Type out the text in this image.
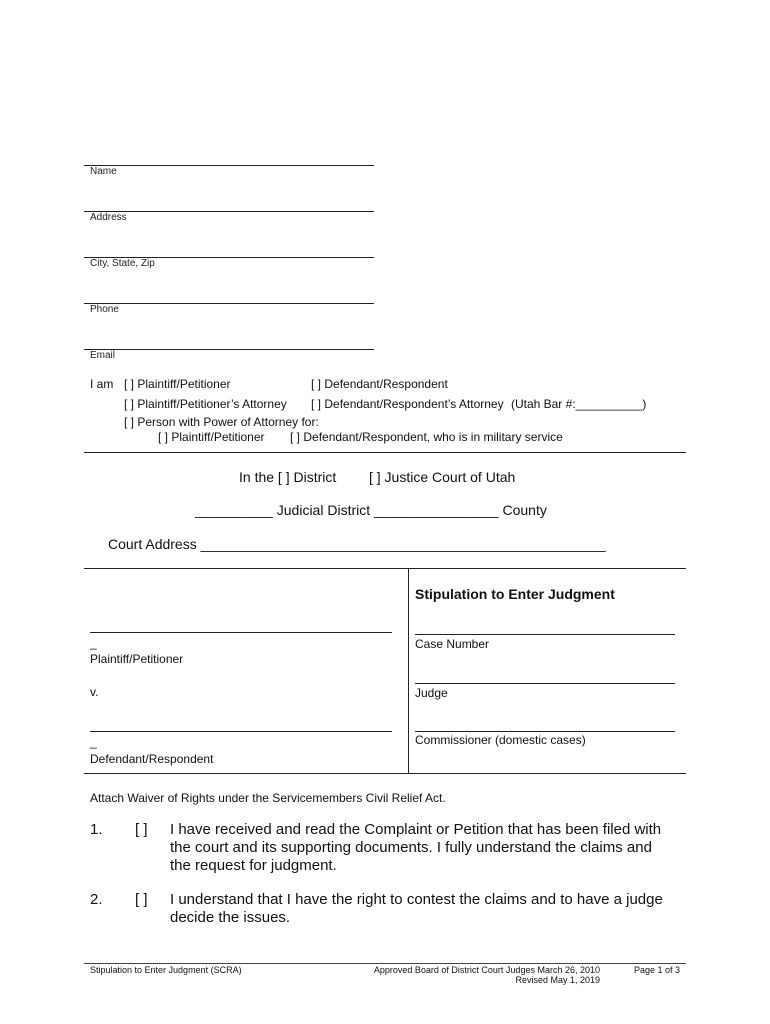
Name
Address
City, State, Zip
Phone
Email
I am [ ] Plaintiff/Petitioner	[ ] Defendant/Respondent
[ ] Plaintiff/Petitioner’s Attorney [ ] Defendant/Respondent’s Attorney (Utah Bar #:__________)
[ ] Person with Power of Attorney for:
[ ] Plaintiff/Petitioner [ ] Defendant/Respondent, who is in military service
In the [ ] District [ ] Justice Court of Utah
__________ Judicial District ________________ County
Court Address ____________________________________________________
_
Plaintiff/Petitioner
v.
_
Defendant/Respondent
Stipulation to Enter Judgment
Case Number
Judge
Commissioner (domestic cases)
Attach Waiver of Rights under the Servicemembers Civil Relief Act.
1. [ ] I have received and read the Complaint or Petition that has been filed with
the court and its supporting documents. I fully understand the claims and
the request for judgment.
2. [ ] I understand that I have the right to contest the claims and to have a judge
decide the issues.
Stipulation to Enter Judgment (SCRA)	Approved Board of District Court Judges March 26, 2010
Revised May 1, 2019
Page 1 of 3
